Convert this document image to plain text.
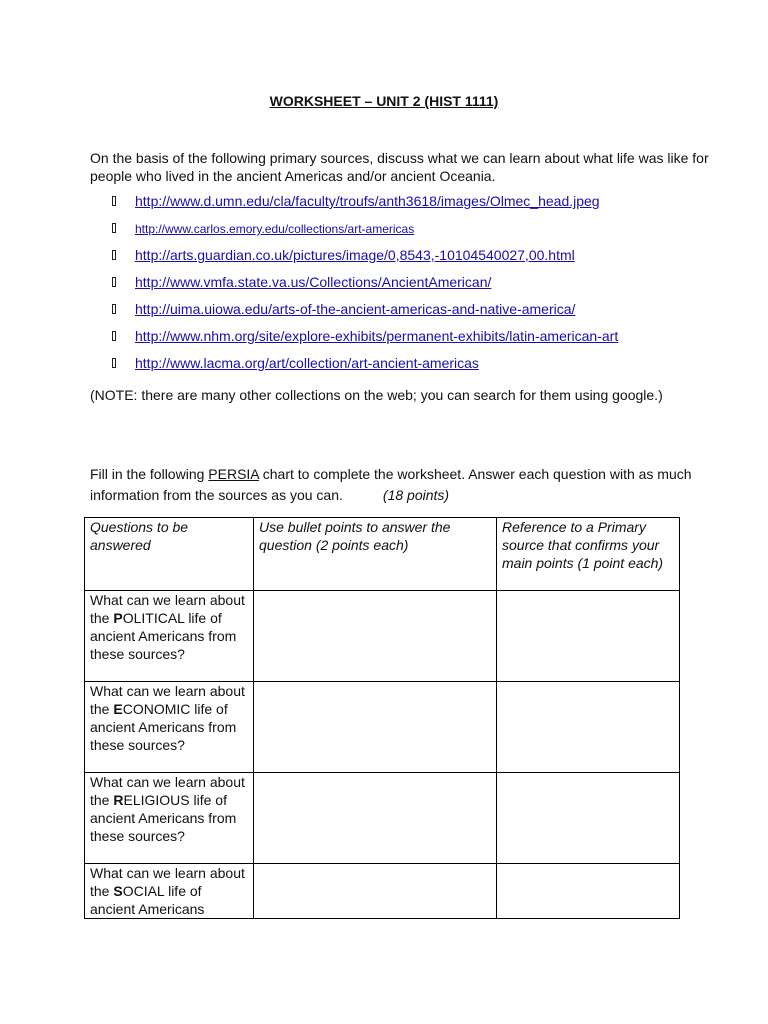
WORKSHEET – UNIT 2 (HIST 1111)
On the basis of the following primary sources, discuss what we can learn about what life was like for people who lived in the ancient Americas and/or ancient Oceania.
http://www.d.umn.edu/cla/faculty/troufs/anth3618/images/Olmec_head.jpeg
http://www.carlos.emory.edu/collections/art-americas
http://arts.guardian.co.uk/pictures/image/0,8543,-10104540027,00.html
http://www.vmfa.state.va.us/Collections/AncientAmerican/
http://uima.uiowa.edu/arts-of-the-ancient-americas-and-native-america/
http://www.nhm.org/site/explore-exhibits/permanent-exhibits/latin-american-art
http://www.lacma.org/art/collection/art-ancient-americas
(NOTE: there are many other collections on the web; you can search for them using google.)
Fill in the following PERSIA chart to complete the worksheet. Answer each question with as much information from the sources as you can.	(18 points)
Questions to be answered	Use bullet points to answer the question (2 points each)	Reference to a Primary source that confirms your main points (1 point each)
What can we learn about the POLITICAL life of ancient Americans from these sources?		
What can we learn about the ECONOMIC life of ancient Americans from these sources?		
What can we learn about the RELIGIOUS life of ancient Americans from these sources?		
What can we learn about the SOCIAL life of ancient Americans		
